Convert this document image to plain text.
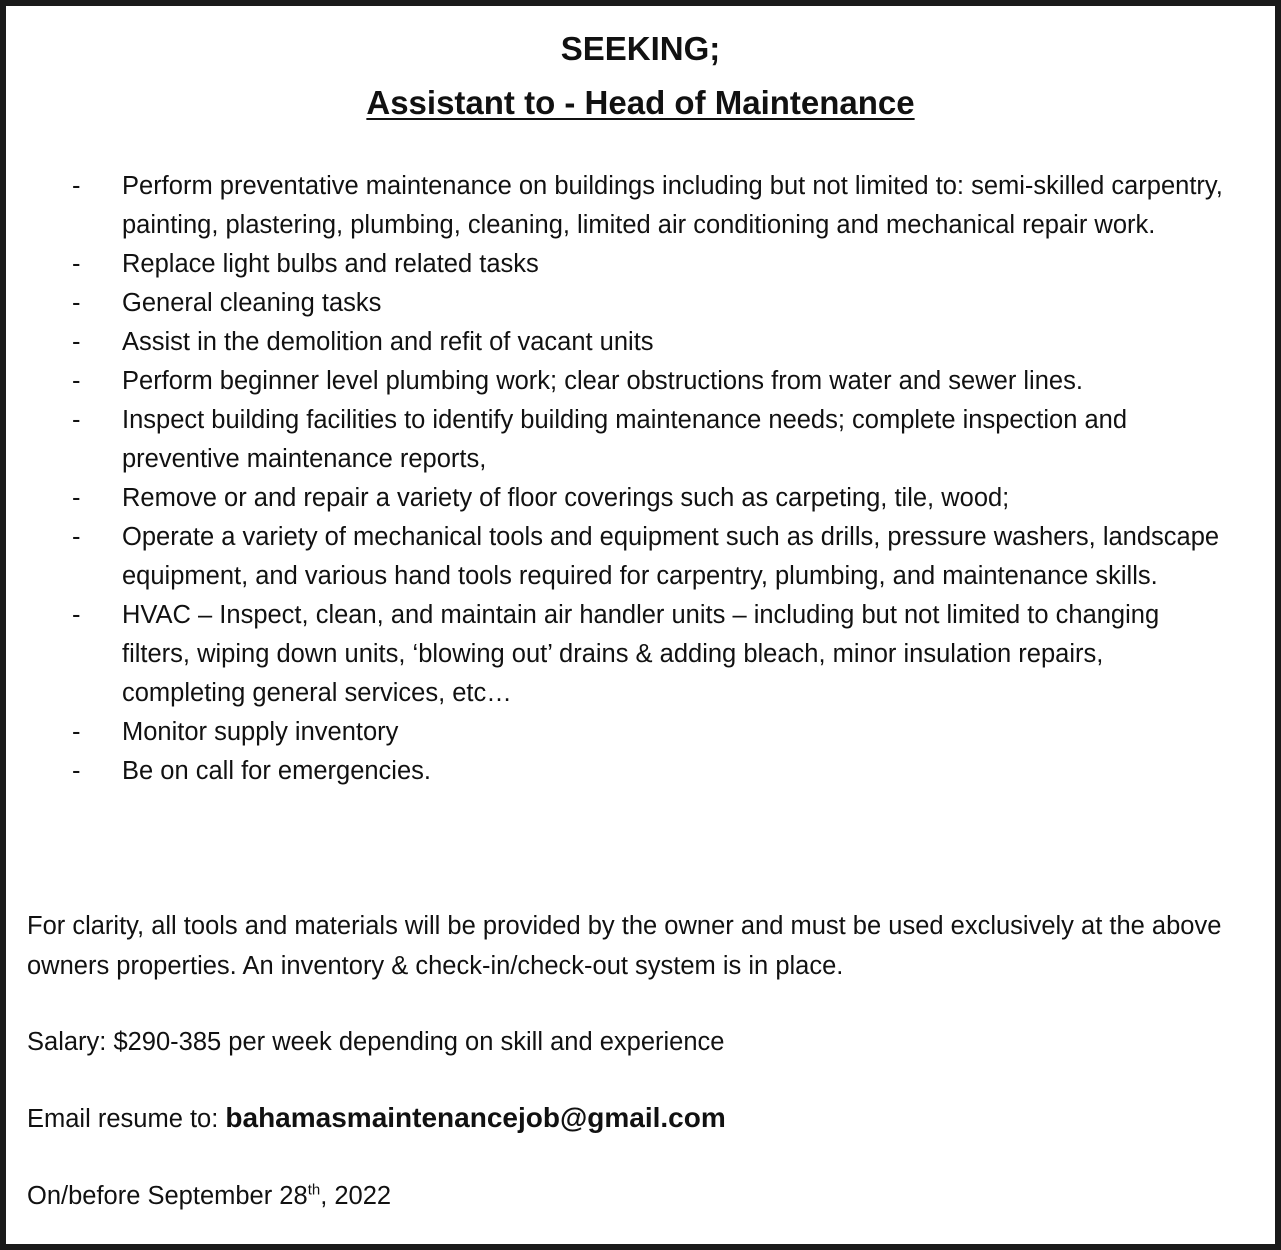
SEEKING;
Assistant to - Head of Maintenance
- Perform preventative maintenance on buildings including but not limited to: semi-skilled carpentry, painting, plastering, plumbing, cleaning, limited air conditioning and mechanical repair work.
- Replace light bulbs and related tasks
- General cleaning tasks
- Assist in the demolition and refit of vacant units
- Perform beginner level plumbing work; clear obstructions from water and sewer lines.
- Inspect building facilities to identify building maintenance needs; complete inspection and preventive maintenance reports,
- Remove or and repair a variety of floor coverings such as carpeting, tile, wood;
- Operate a variety of mechanical tools and equipment such as drills, pressure washers, landscape equipment, and various hand tools required for carpentry, plumbing, and maintenance skills.
- HVAC – Inspect, clean, and maintain air handler units – including but not limited to changing filters, wiping down units, ‘blowing out’ drains & adding bleach, minor insulation repairs, completing general services, etc…
- Monitor supply inventory
- Be on call for emergencies.

For clarity, all tools and materials will be provided by the owner and must be used exclusively at the above owners properties. An inventory & check-in/check-out system is in place.

Salary: $290-385 per week depending on skill and experience

Email resume to: bahamasmaintenancejob@gmail.com

On/before September 28th, 2022
